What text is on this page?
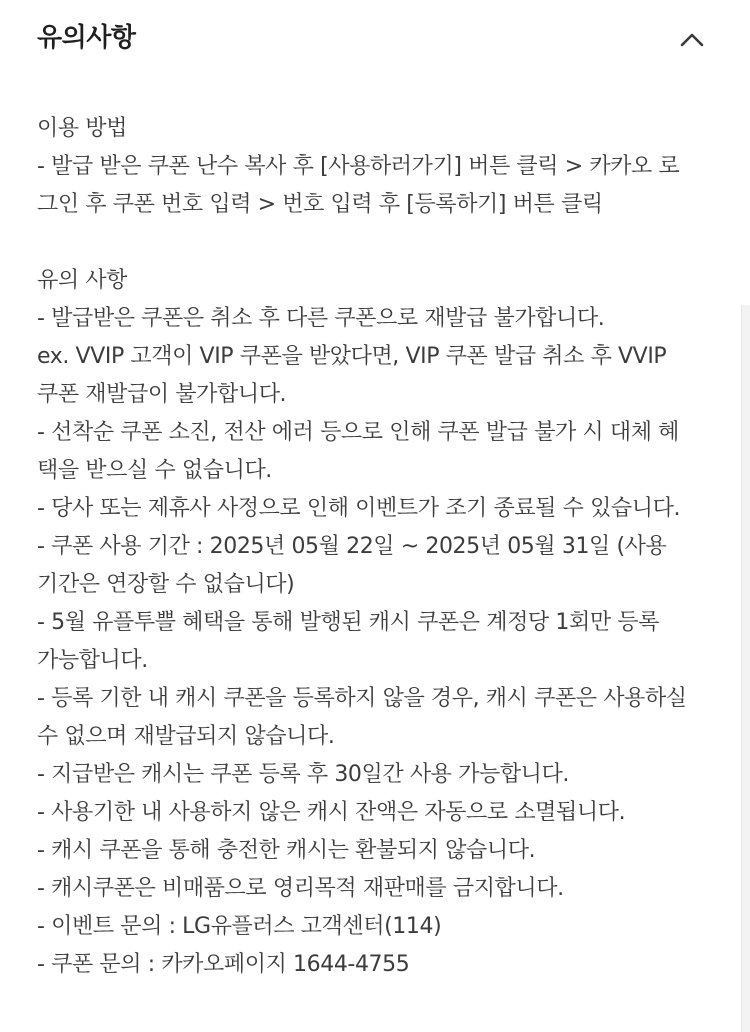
유의사항
이용 방법
- 발급 받은 쿠폰 난수 복사 후 [사용하러가기] 버튼 클릭 > 카카오 로
그인 후 쿠폰 번호 입력 > 번호 입력 후 [등록하기] 버튼 클릭
유의 사항
- 발급받은 쿠폰은 취소 후 다른 쿠폰으로 재발급 불가합니다.
ex. VVIP 고객이 VIP 쿠폰을 받았다면, VIP 쿠폰 발급 취소 후 VVIP
쿠폰 재발급이 불가합니다.
- 선착순 쿠폰 소진, 전산 에러 등으로 인해 쿠폰 발급 불가 시 대체 혜
택을 받으실 수 없습니다.
- 당사 또는 제휴사 사정으로 인해 이벤트가 조기 종료될 수 있습니다.
- 쿠폰 사용 기간 : 2025년 05월 22일 ~ 2025년 05월 31일 (사용
기간은 연장할 수 없습니다)
- 5월 유플투쁠 혜택을 통해 발행된 캐시 쿠폰은 계정당 1회만 등록
가능합니다.
- 등록 기한 내 캐시 쿠폰을 등록하지 않을 경우, 캐시 쿠폰은 사용하실
수 없으며 재발급되지 않습니다.
- 지급받은 캐시는 쿠폰 등록 후 30일간 사용 가능합니다.
- 사용기한 내 사용하지 않은 캐시 잔액은 자동으로 소멸됩니다.
- 캐시 쿠폰을 통해 충전한 캐시는 환불되지 않습니다.
- 캐시쿠폰은 비매품으로 영리목적 재판매를 금지합니다.
- 이벤트 문의 : LG유플러스 고객센터(114)
- 쿠폰 문의 : 카카오페이지 1644-4755
